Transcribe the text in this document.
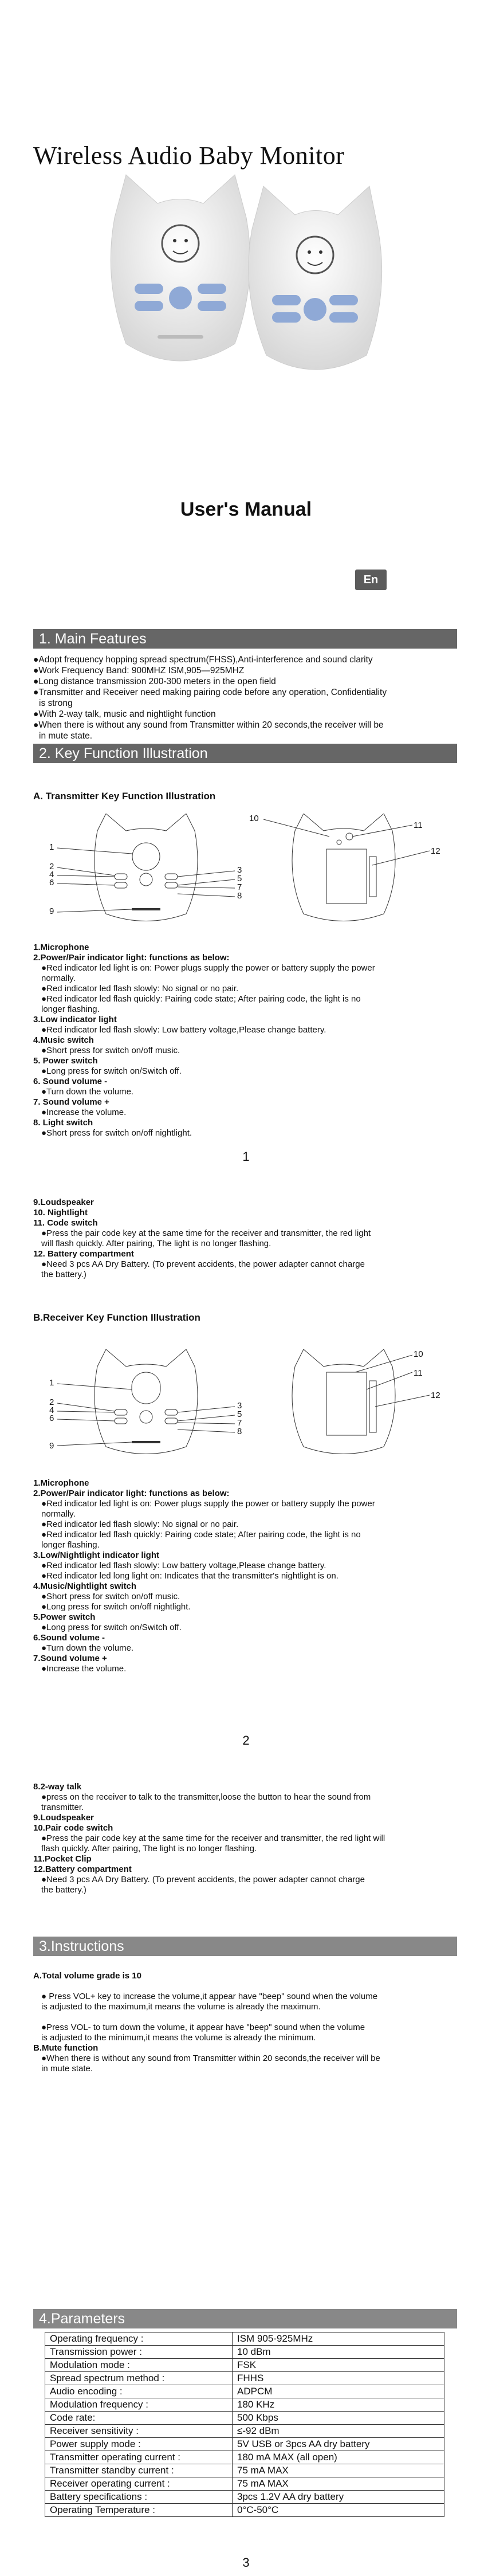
Wireless Audio Baby Monitor
User's Manual
En
1. Main Features
●Adopt frequency hopping spread spectrum(FHSS),Anti-interference and sound clarity
●Work Frequency Band: 900MHZ ISM,905—925MHZ
●Long distance transmission 200-300 meters in the open field
●Transmitter and Receiver need making pairing code before any operation, Confidentiality
is strong
●With 2-way talk, music and nightlight function
●When there is without any sound from Transmitter within 20 seconds,the receiver will be
in mute state.
2. Key Function Illustration
A. Transmitter Key Function Illustration
1
2
4
6
9
3
5
7
8
10
11
12
1.Microphone
2.Power/Pair indicator light: functions as below:
●Red indicator led light is on: Power plugs supply the power or battery supply the power
normally.
●Red indicator led flash slowly: No signal or no pair.
●Red indicator led flash quickly: Pairing code state; After pairing code, the light is no
longer flashing.
3.Low indicator light
●Red indicator led flash slowly: Low battery voltage,Please change battery.
4.Music switch
●Short press for switch on/off music.
5. Power switch
●Long press for switch on/Switch off.
6. Sound volume -
●Turn down the volume.
7. Sound volume +
●Increase the volume.
8. Light switch
●Short press for switch on/off nightlight.
1
9.Loudspeaker
10. Nightlight
11. Code switch
●Press the pair code key at the same time for the receiver and transmitter, the red light
will flash quickly. After pairing, The light is no longer flashing.
12. Battery compartment
●Need 3 pcs AA Dry Battery. (To prevent accidents, the power adapter cannot charge
the battery.)
B.Receiver Key Function Illustration
1
2
4
6
9
3
5
7
8
10
11
12
1.Microphone
2.Power/Pair indicator light: functions as below:
●Red indicator led light is on: Power plugs supply the power or battery supply the power
normally.
●Red indicator led flash slowly: No signal or no pair.
●Red indicator led flash quickly: Pairing code state; After pairing code, the light is no
longer flashing.
3.Low/Nightlight indicator light
●Red indicator led flash slowly: Low battery voltage,Please change battery.
●Red indicator led long light on: Indicates that the transmitter's nightlight is on.
4.Music/Nightlight switch
●Short press for switch on/off music.
●Long press for switch on/off nightlight.
5.Power switch
●Long press for switch on/Switch off.
6.Sound volume -
●Turn down the volume.
7.Sound volume +
●Increase the volume.
2
8.2-way talk
●press on the receiver to talk to the transmitter,loose the button to hear the sound from
transmitter.
9.Loudspeaker
10.Pair code switch
●Press the pair code key at the same time for the receiver and transmitter, the red light will
flash quickly. After pairing, The light is no longer flashing.
11.Pocket Clip
12.Battery compartment
●Need 3 pcs AA Dry Battery. (To prevent accidents, the power adapter cannot charge
the battery.)
3.Instructions
A.Total volume grade is 10
● Press VOL+ key to increase the volume,it appear have "beep" sound when the volume
is adjusted to the maximum,it means the volume is already the maximum.
●Press VOL- to turn down the volume, it appear have "beep" sound when the volume
is adjusted to the minimum,it means the volume is already the minimum.
B.Mute function
●When there is without any sound from Transmitter within 20 seconds,the receiver will be
in mute state.
4.Parameters
Operating frequency :	ISM 905-925MHz
Transmission power :	10 dBm
Modulation mode :	FSK
Spread spectrum method :	FHHS
Audio encoding :	ADPCM
Modulation frequency :	180 KHz
Code rate:	500 Kbps
Receiver sensitivity :	≤-92 dBm
Power supply mode :	5V USB or 3pcs AA dry battery
Transmitter operating current :	180 mA MAX (all open)
Transmitter standby current :	75 mA MAX
Receiver operating current :	75 mA MAX
Battery specifications :	3pcs 1.2V AA dry battery
Operating Temperature :	0°C-50°C
3
